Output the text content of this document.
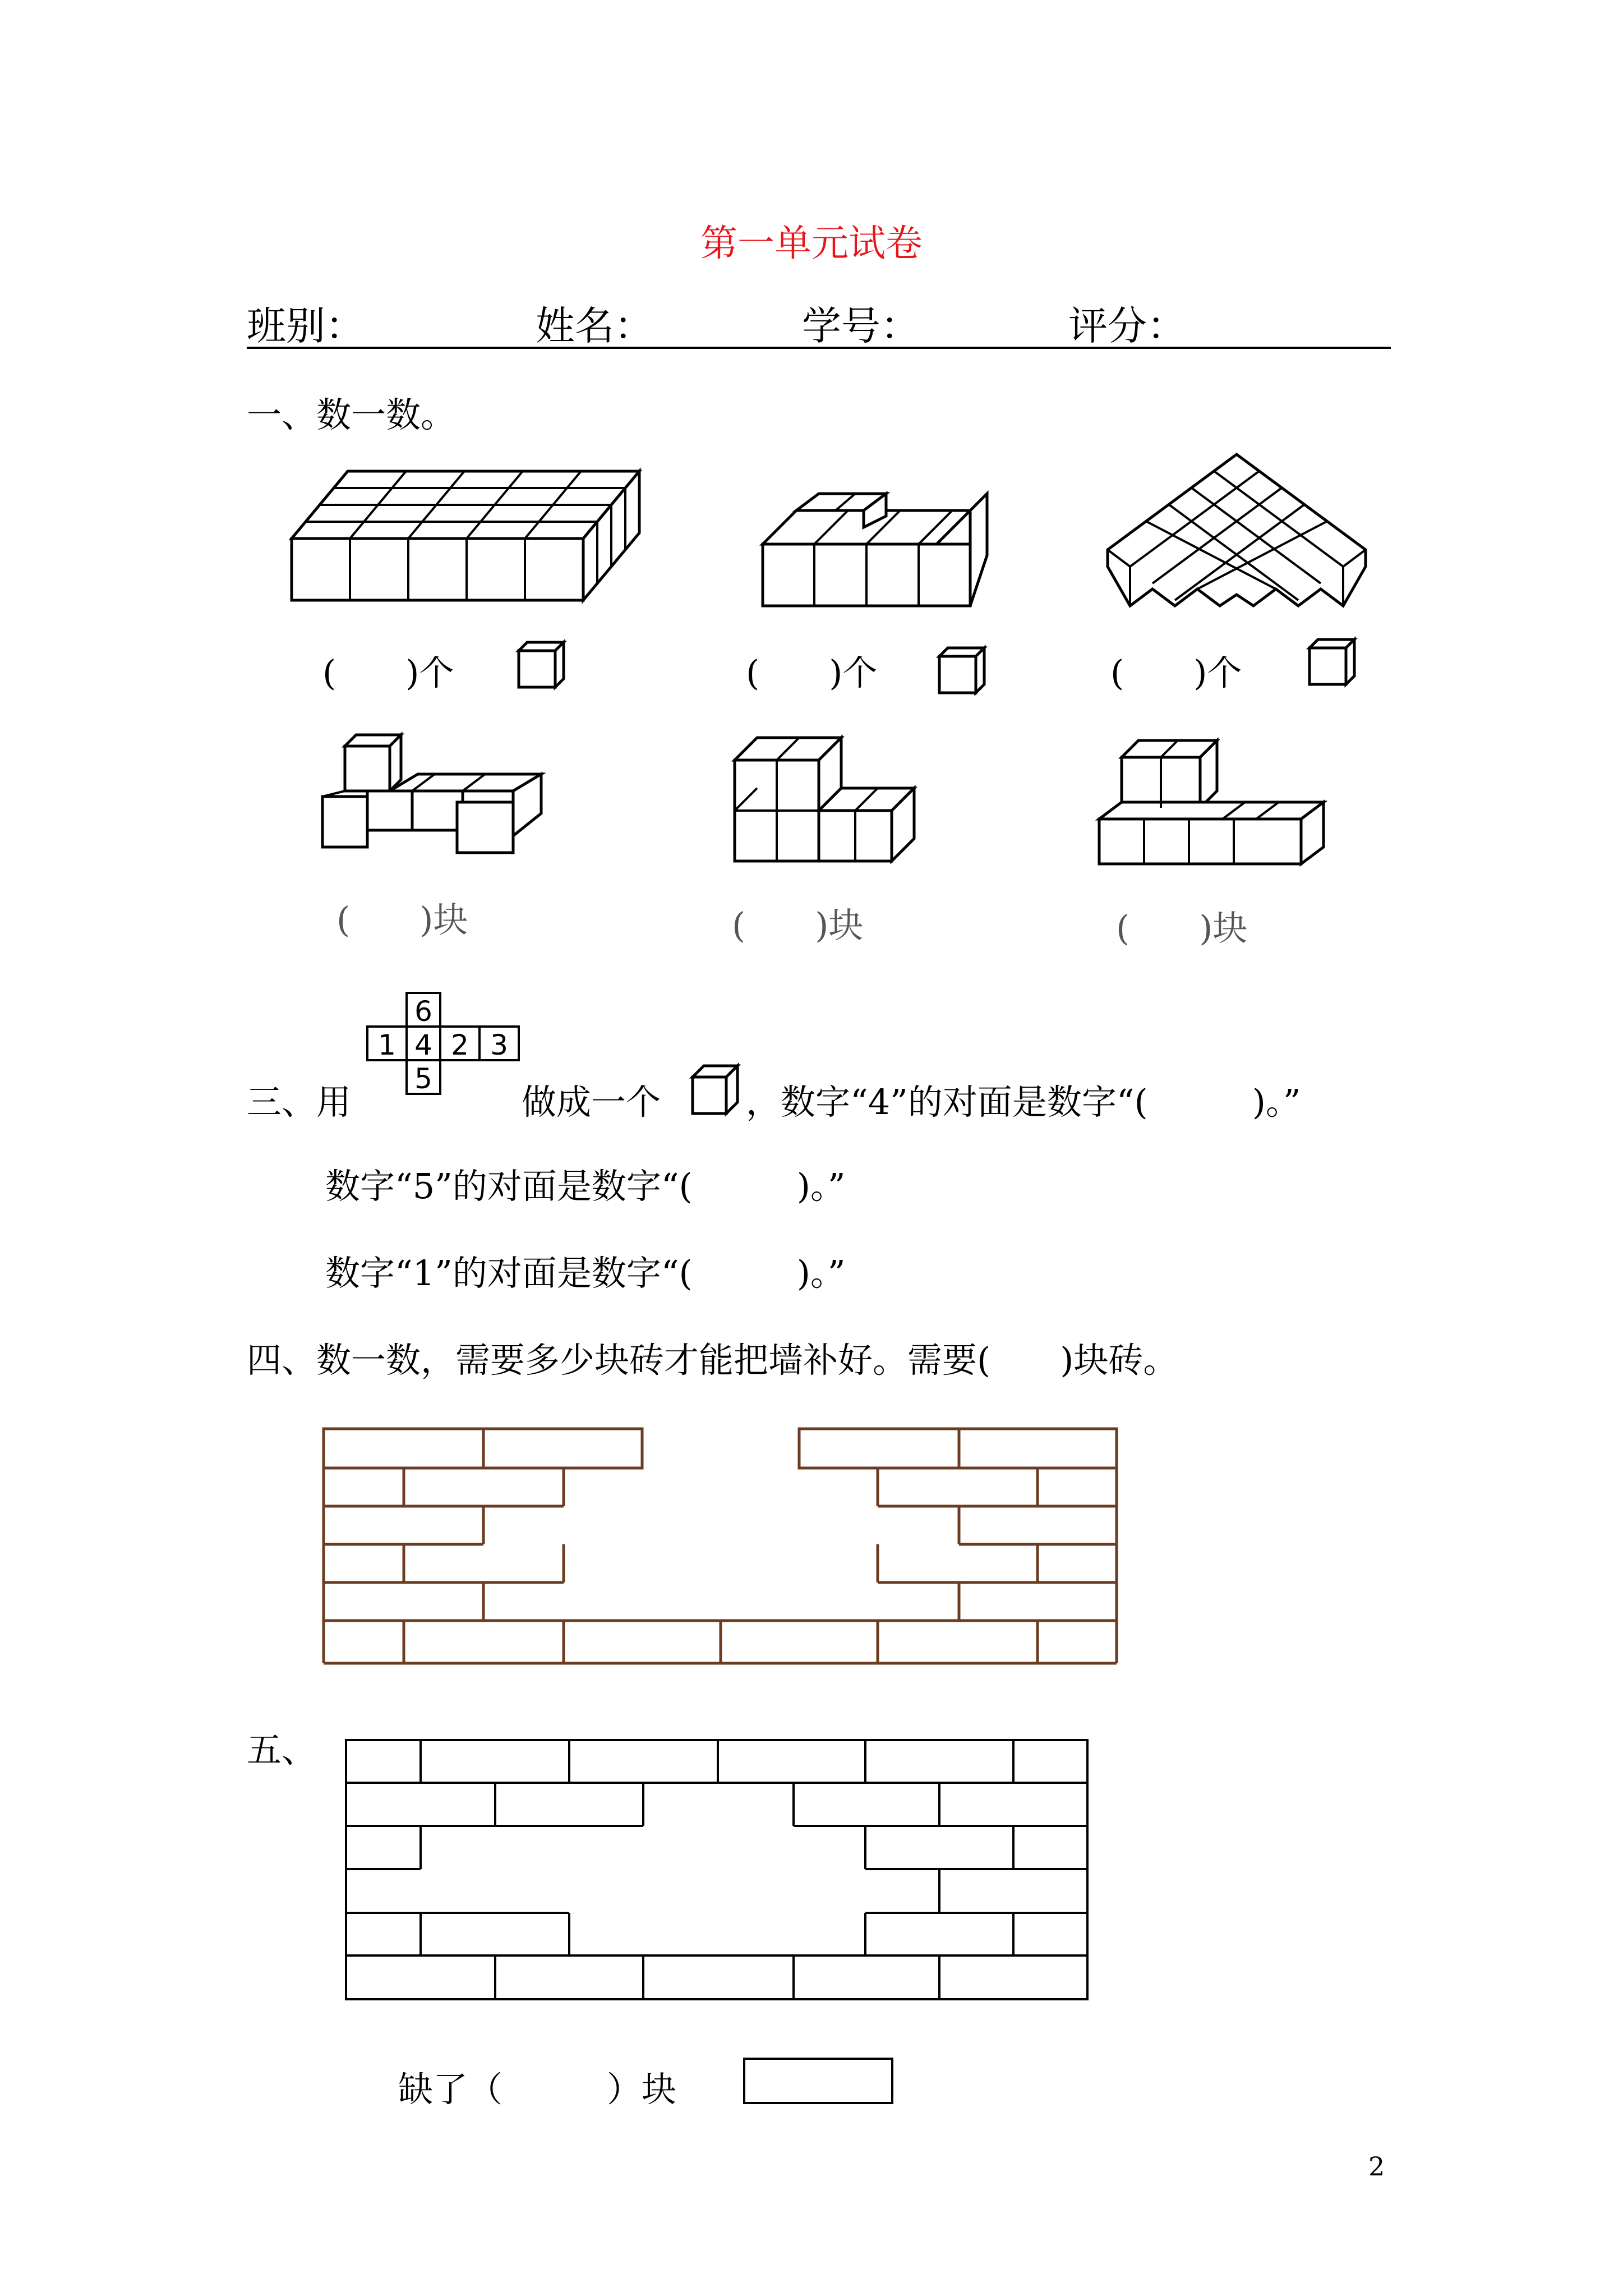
第一单元试卷
班别：	姓名：	学号：	评分：
一、数一数。
(　　)个	(　　)个	(　　)个
(　　)块	(　　)块	(　　)块
6
1 4 2 3
5
三、用	做成一个 ，数字“4”的对面是数字“(　　　)。”
数字“5”的对面是数字“(　　　)。”
数字“1”的对面是数字“(　　　)。”
四、数一数，需要多少块砖才能把墙补好。需要(　　)块砖。
五、
缺了（　　　）块
2
